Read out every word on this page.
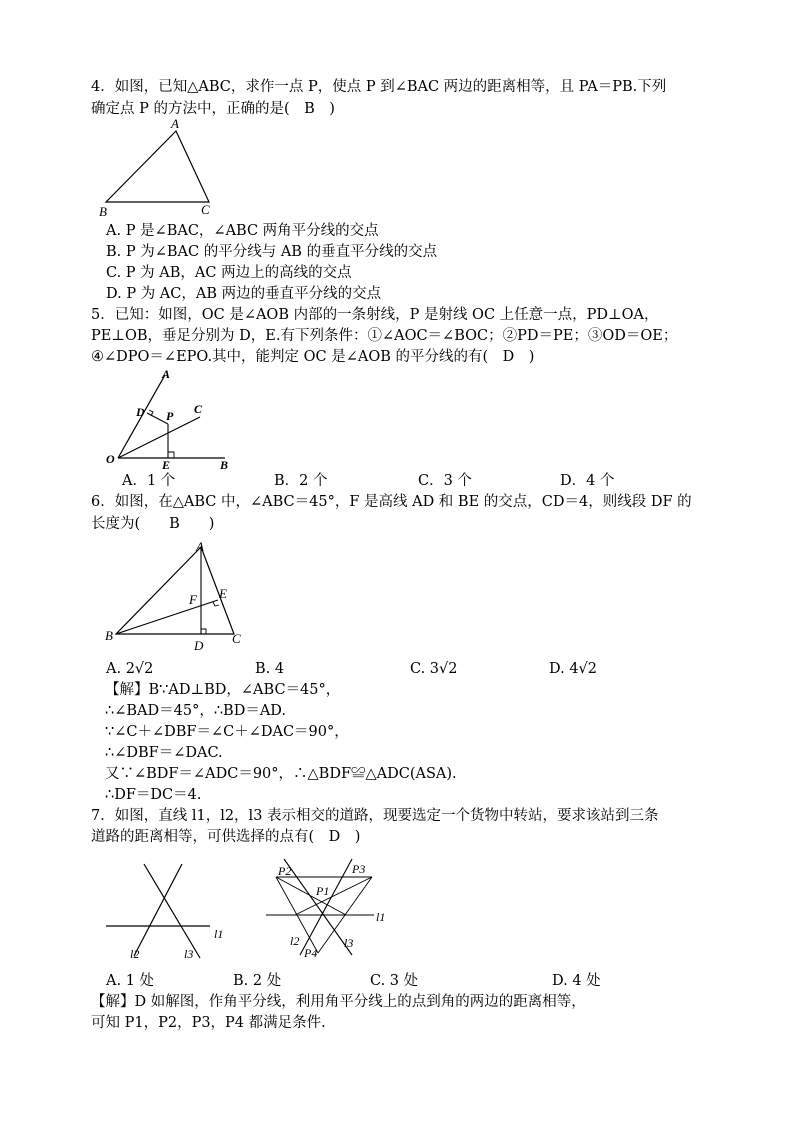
4．如图，已知△ABC，求作一点 P，使点 P 到∠BAC 两边的距离相等，且 PA＝PB.下列
确定点 P 的方法中，正确的是(　B　)
A
B	C
A. P 是∠BAC，∠ABC 两角平分线的交点
B. P 为∠BAC 的平分线与 AB 的垂直平分线的交点
C. P 为 AB，AC 两边上的高线的交点
D. P 为 AC，AB 两边的垂直平分线的交点
5．已知：如图，OC 是∠AOB 内部的一条射线，P 是射线 OC 上任意一点，PD⊥OA，
PE⊥OB，垂足分别为 D，E.有下列条件：①∠AOC＝∠BOC；②PD＝PE；③OD＝OE；
④∠DPO＝∠EPO.其中，能判定 OC 是∠AOB 的平分线的有(　D　)
A
D P C
O	E	B
A．1 个	B．2 个	C．3 个	D．4 个
6．如图，在△ABC 中，∠ABC＝45°，F 是高线 AD 和 BE 的交点，CD＝4，则线段 DF 的
长度为(　　B　　)
A
E
F
B
D C
A. 2√2	B. 4	C. 3√2	D. 4√2
【解】B∵AD⊥BD，∠ABC＝45°，
∴∠BAD＝45°，∴BD＝AD.
∵∠C＋∠DBF＝∠C＋∠DAC＝90°，
∴∠DBF＝∠DAC.
又∵∠BDF＝∠ADC＝90°，∴△BDF≌△ADC(ASA).
∴DF＝DC＝4.
7．如图，直线 l1，l2，l3 表示相交的道路，现要选定一个货物中转站，要求该站到三条
道路的距离相等，可供选择的点有(　D　)
l1
l2	l3
P2	P3
P1
l1
l2	l3
P4
A. 1 处	B. 2 处	C. 3 处	D. 4 处
【解】D 如解图，作角平分线，利用角平分线上的点到角的两边的距离相等，
可知 P1，P2，P3，P4 都满足条件.
